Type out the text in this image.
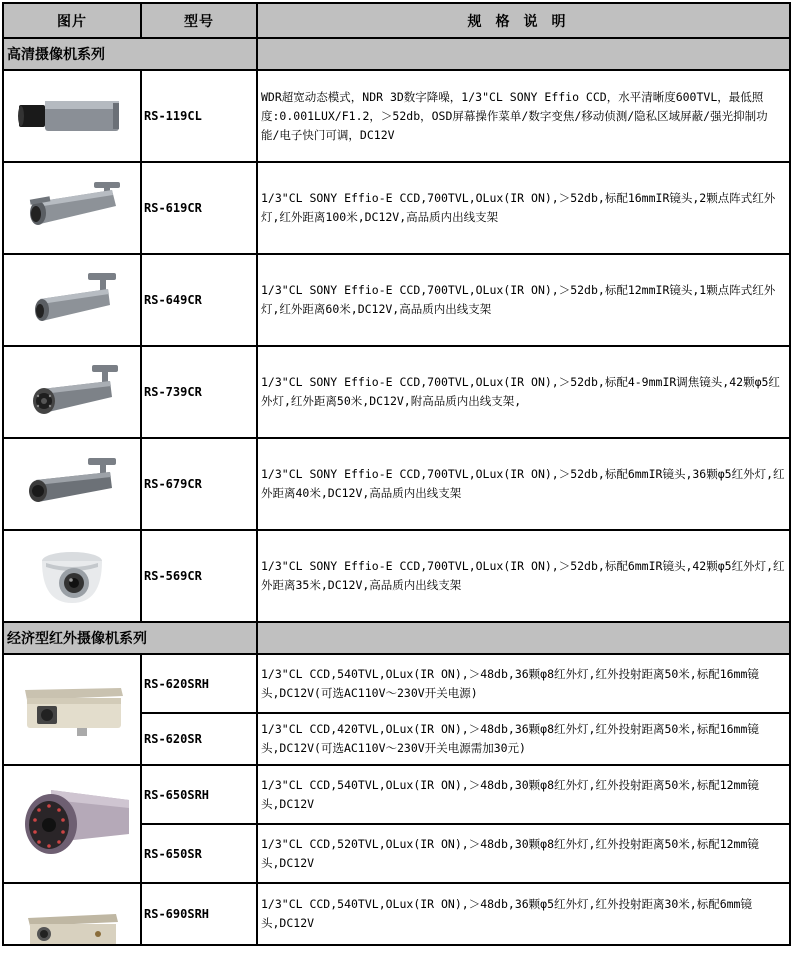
图片	型号	规格说明
高清摄像机系列		

	RS-119CL	WDR超宽动态模式，NDR 3D数字降噪，1/3"CL SONY Effio CCD，水平清晰度600TVL，最低照度:0.001LUX/F1.2，＞52db，OSD屏幕操作菜单/数字变焦/移动侦测/隐私区域屏蔽/强光抑制功能/电子快门可调，DC12V

	RS-619CR	1/3"CL SONY Effio-E CCD,700TVL,OLux(IR ON),＞52db,标配16mmIR镜头,2颗点阵式红外灯,红外距离100米,DC12V,高品质内出线支架

	RS-649CR	1/3"CL SONY Effio-E CCD,700TVL,OLux(IR ON),＞52db,标配12mmIR镜头,1颗点阵式红外灯,红外距离60米,DC12V,高品质内出线支架

	RS-739CR	1/3"CL SONY Effio-E CCD,700TVL,OLux(IR ON),＞52db,标配4-9mmIR调焦镜头,42颗φ5红外灯,红外距离50米,DC12V,附高品质内出线支架,

	RS-679CR	1/3"CL SONY Effio-E CCD,700TVL,OLux(IR ON),＞52db,标配6mmIR镜头,36颗φ5红外灯,红外距离40米,DC12V,高品质内出线支架

	RS-569CR	1/3"CL SONY Effio-E CCD,700TVL,OLux(IR ON),＞52db,标配6mmIR镜头,42颗φ5红外灯,红外距离35米,DC12V,高品质内出线支架
经济型红外摄像机系列		

	RS-620SRH	1/3"CL CCD,540TVL,OLux(IR ON),＞48db,36颗φ8红外灯,红外投射距离50米,标配16mm镜头,DC12V(可选AC110V～230V开关电源)
	RS-620SR	1/3"CL CCD,420TVL,OLux(IR ON),＞48db,36颗φ8红外灯,红外投射距离50米,标配16mm镜头,DC12V(可选AC110V～230V开关电源需加30元)

	RS-650SRH	1/3"CL CCD,540TVL,OLux(IR ON),＞48db,30颗φ8红外灯,红外投射距离50米,标配12mm镜头,DC12V
	RS-650SR	1/3"CL CCD,520TVL,OLux(IR ON),＞48db,30颗φ8红外灯,红外投射距离50米,标配12mm镜头,DC12V

	RS-690SRH	1/3"CL CCD,540TVL,OLux(IR ON),＞48db,36颗φ5红外灯,红外投射距离30米,标配6mm镜头,DC12V
